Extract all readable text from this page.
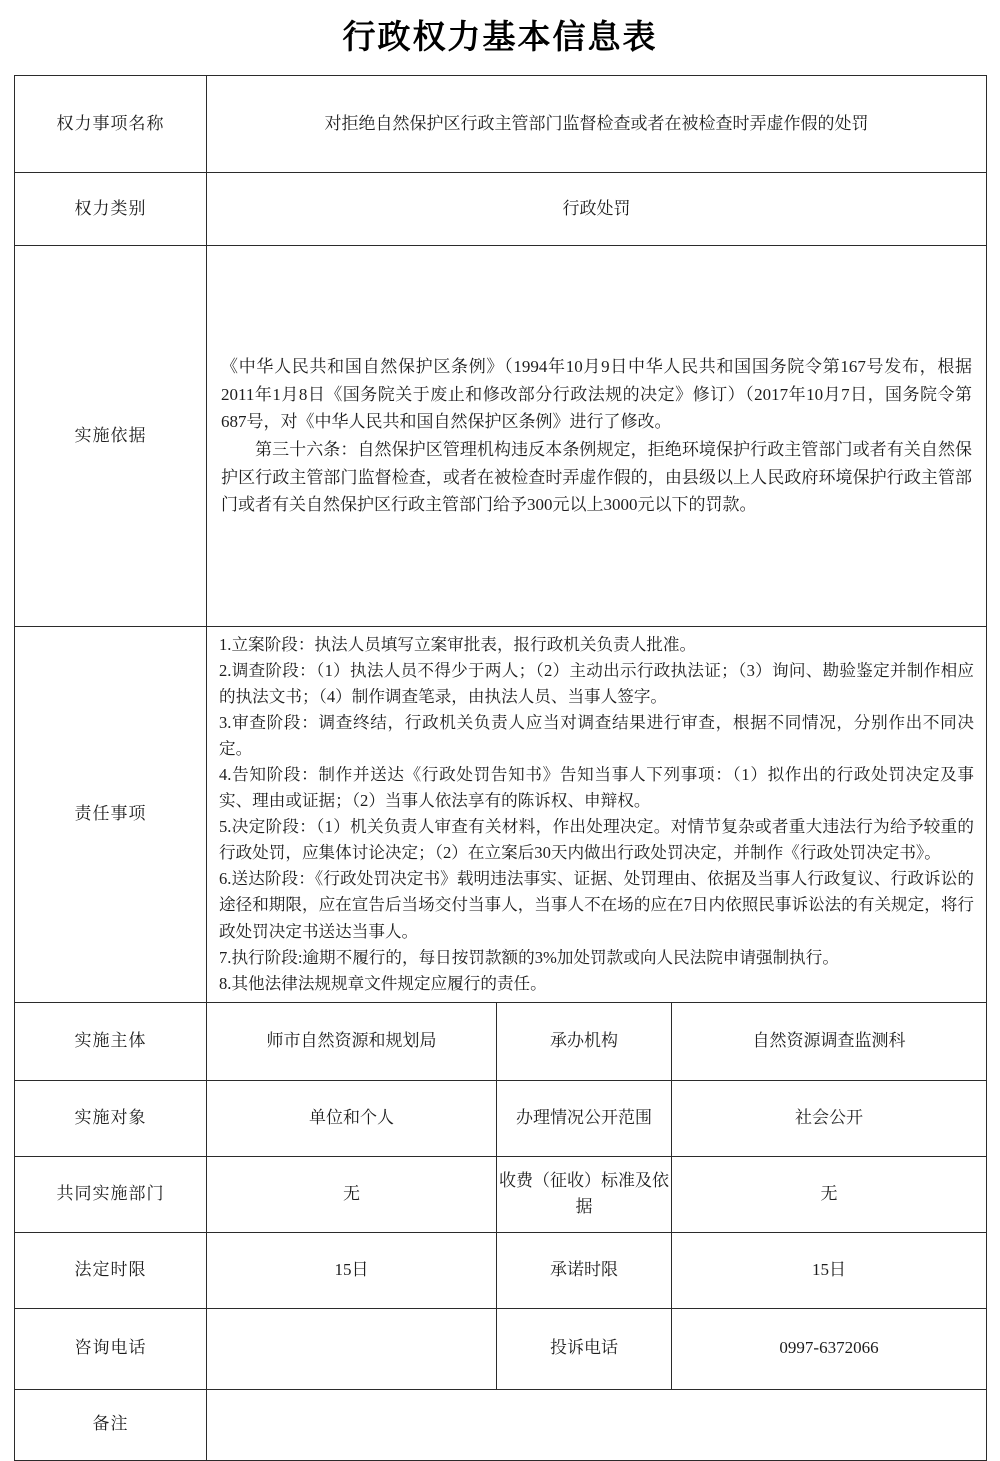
行政权力基本信息表
权力事项名称	对拒绝自然保护区行政主管部门监督检查或者在被检查时弄虚作假的处罚		
权力类别	行政处罚		
实施依据	《中华人民共和国自然保护区条例》（1994年10月9日中华人民共和国国务院令第167号发布，根据2011年1月8日《国务院关于废止和修改部分行政法规的决定》修订）（2017年10月7日，国务院令第687号，对《中华人民共和国自然保护区条例》进行了修改。

第三十六条：自然保护区管理机构违反本条例规定，拒绝环境保护行政主管部门或者有关自然保护区行政主管部门监督检查，或者在被检查时弄虚作假的，由县级以上人民政府环境保护行政主管部门或者有关自然保护区行政主管部门给予300元以上3000元以下的罚款。		

责任事项	

1.立案阶段：执法人员填写立案审批表，报行政机关负责人批准。

2.调查阶段：（1）执法人员不得少于两人；（2）主动出示行政执法证；（3）询问、勘验鉴定并制作相应的执法文书；（4）制作调查笔录，由执法人员、当事人签字。

3.审查阶段：调查终结，行政机关负责人应当对调查结果进行审查，根据不同情况，分别作出不同决定。

4.告知阶段：制作并送达《行政处罚告知书》告知当事人下列事项：（1）拟作出的行政处罚决定及事实、理由或证据；（2）当事人依法享有的陈诉权、申辩权。

5.决定阶段：（1）机关负责人审查有关材料，作出处理决定。对情节复杂或者重大违法行为给予较重的行政处罚，应集体讨论决定；（2）在立案后30天内做出行政处罚决定，并制作《行政处罚决定书》。

6.送达阶段：《行政处罚决定书》载明违法事实、证据、处罚理由、依据及当事人行政复议、行政诉讼的途径和期限，应在宣告后当场交付当事人，当事人不在场的应在7日内依照民事诉讼法的有关规定，将行政处罚决定书送达当事人。

7.执行阶段:逾期不履行的，每日按罚款额的3%加处罚款或向人民法院申请强制执行。

8.其他法律法规规章文件规定应履行的责任。

实施主体	师市自然资源和规划局	承办机构	自然资源调查监测科
实施对象	单位和个人	办理情况公开范围	社会公开
共同实施部门	无	收费（征收）标准及依据	无
法定时限	15日	承诺时限	15日
咨询电话		投诉电话	0997-6372066
备注			
